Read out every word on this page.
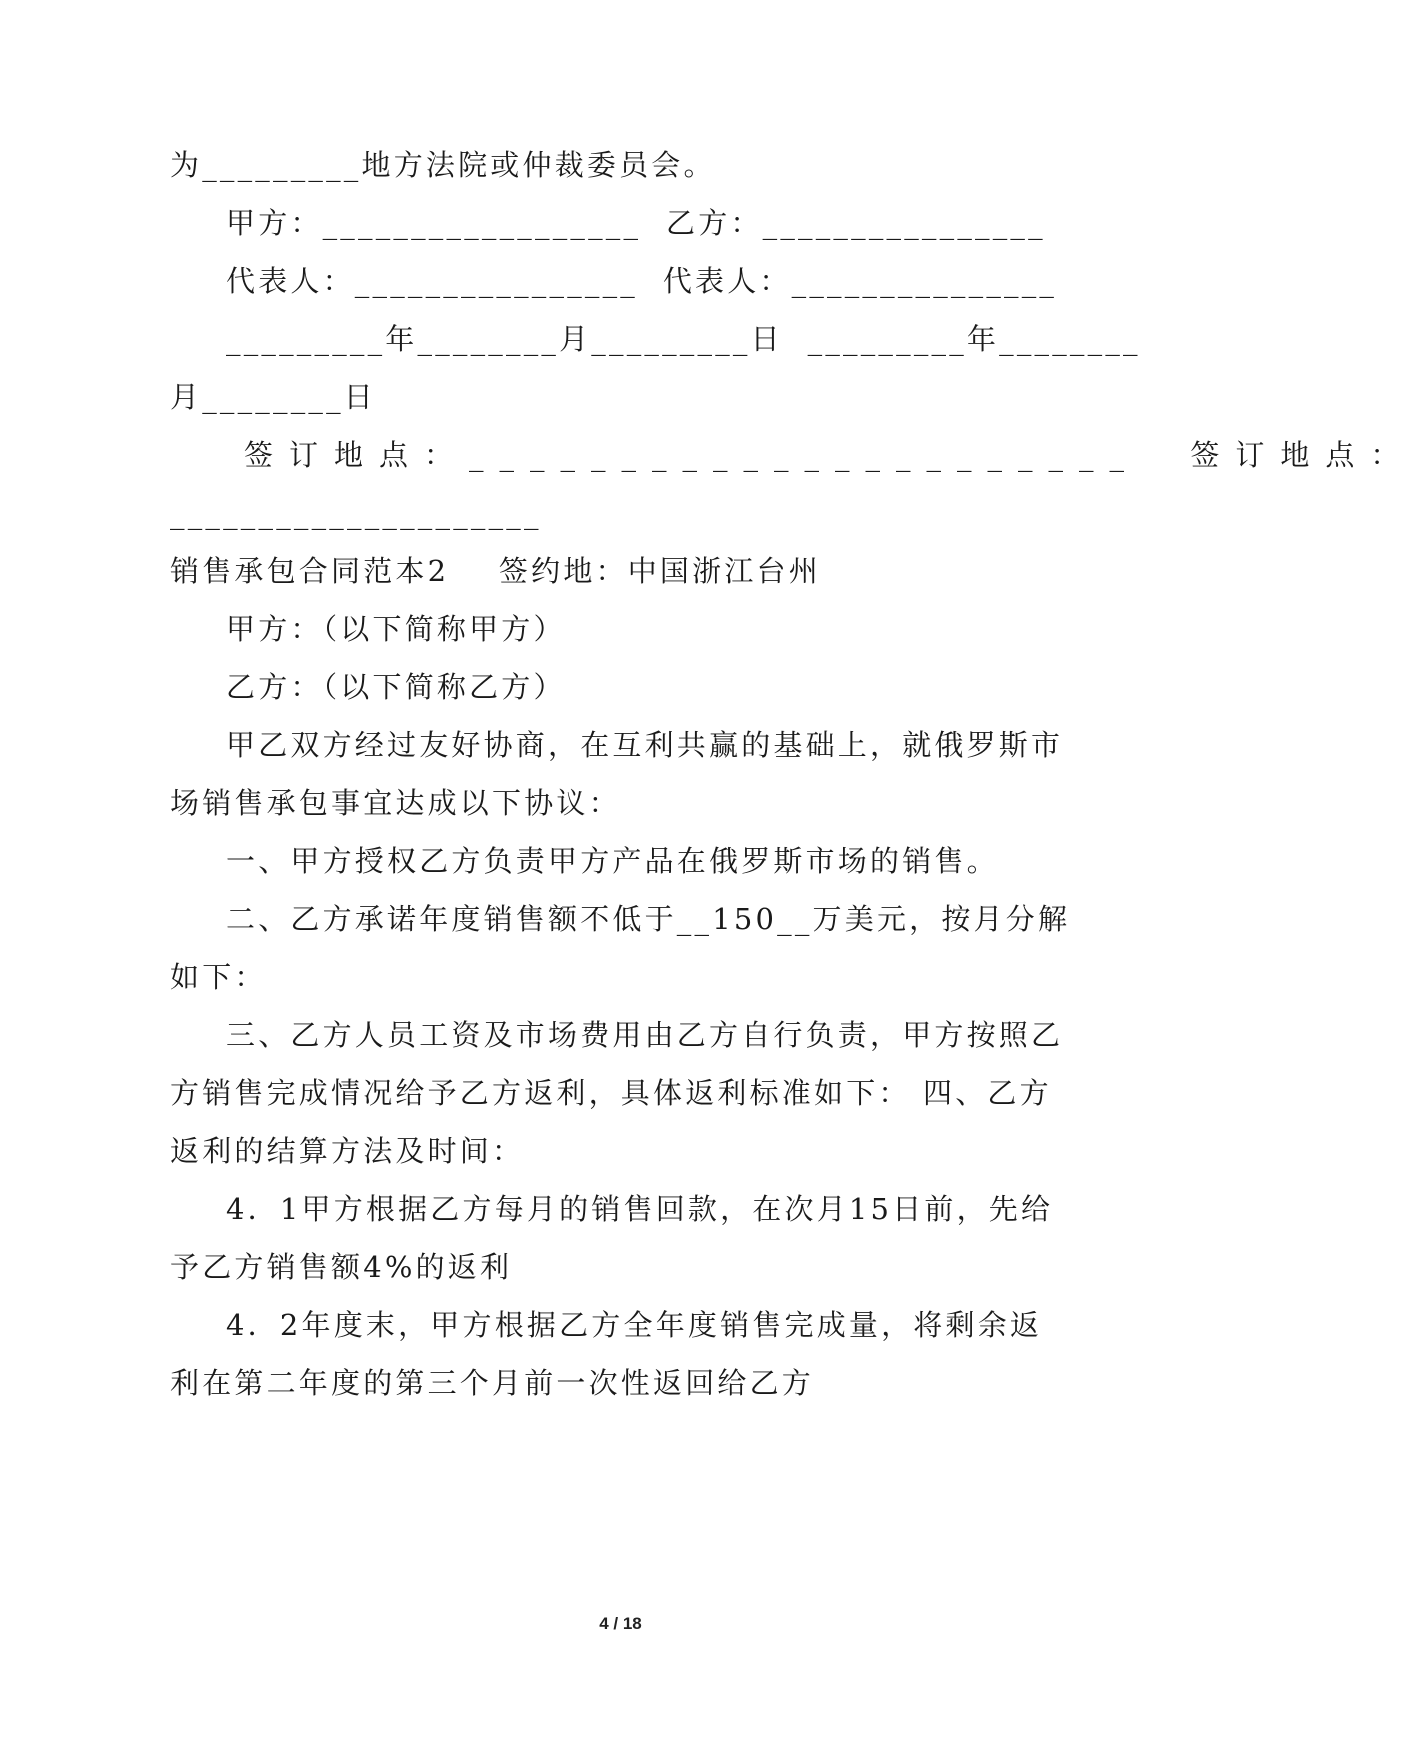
为_________地方法院或仲裁委员会。
甲方：__________________  乙方：________________
代表人：________________  代表人：_______________
_________年________月_________日  _________年________
月________日
签订地点：______________________  签订地点：
_____________________
销售承包合同范本2    签约地：中国浙江台州
甲方：（以下简称甲方）
乙方：（以下简称乙方）
甲乙双方经过友好协商，在互利共赢的基础上，就俄罗斯市
场销售承包事宜达成以下协议：
一、甲方授权乙方负责甲方产品在俄罗斯市场的销售。
二、乙方承诺年度销售额不低于__150__万美元，按月分解
如下：
三、乙方人员工资及市场费用由乙方自行负责，甲方按照乙
方销售完成情况给予乙方返利，具体返利标准如下： 四、乙方
返利的结算方法及时间：
4．1甲方根据乙方每月的销售回款，在次月15日前，先给
予乙方销售额4%的返利
4．2年度末，甲方根据乙方全年度销售完成量，将剩余返
利在第二年度的第三个月前一次性返回给乙方
4 / 18
